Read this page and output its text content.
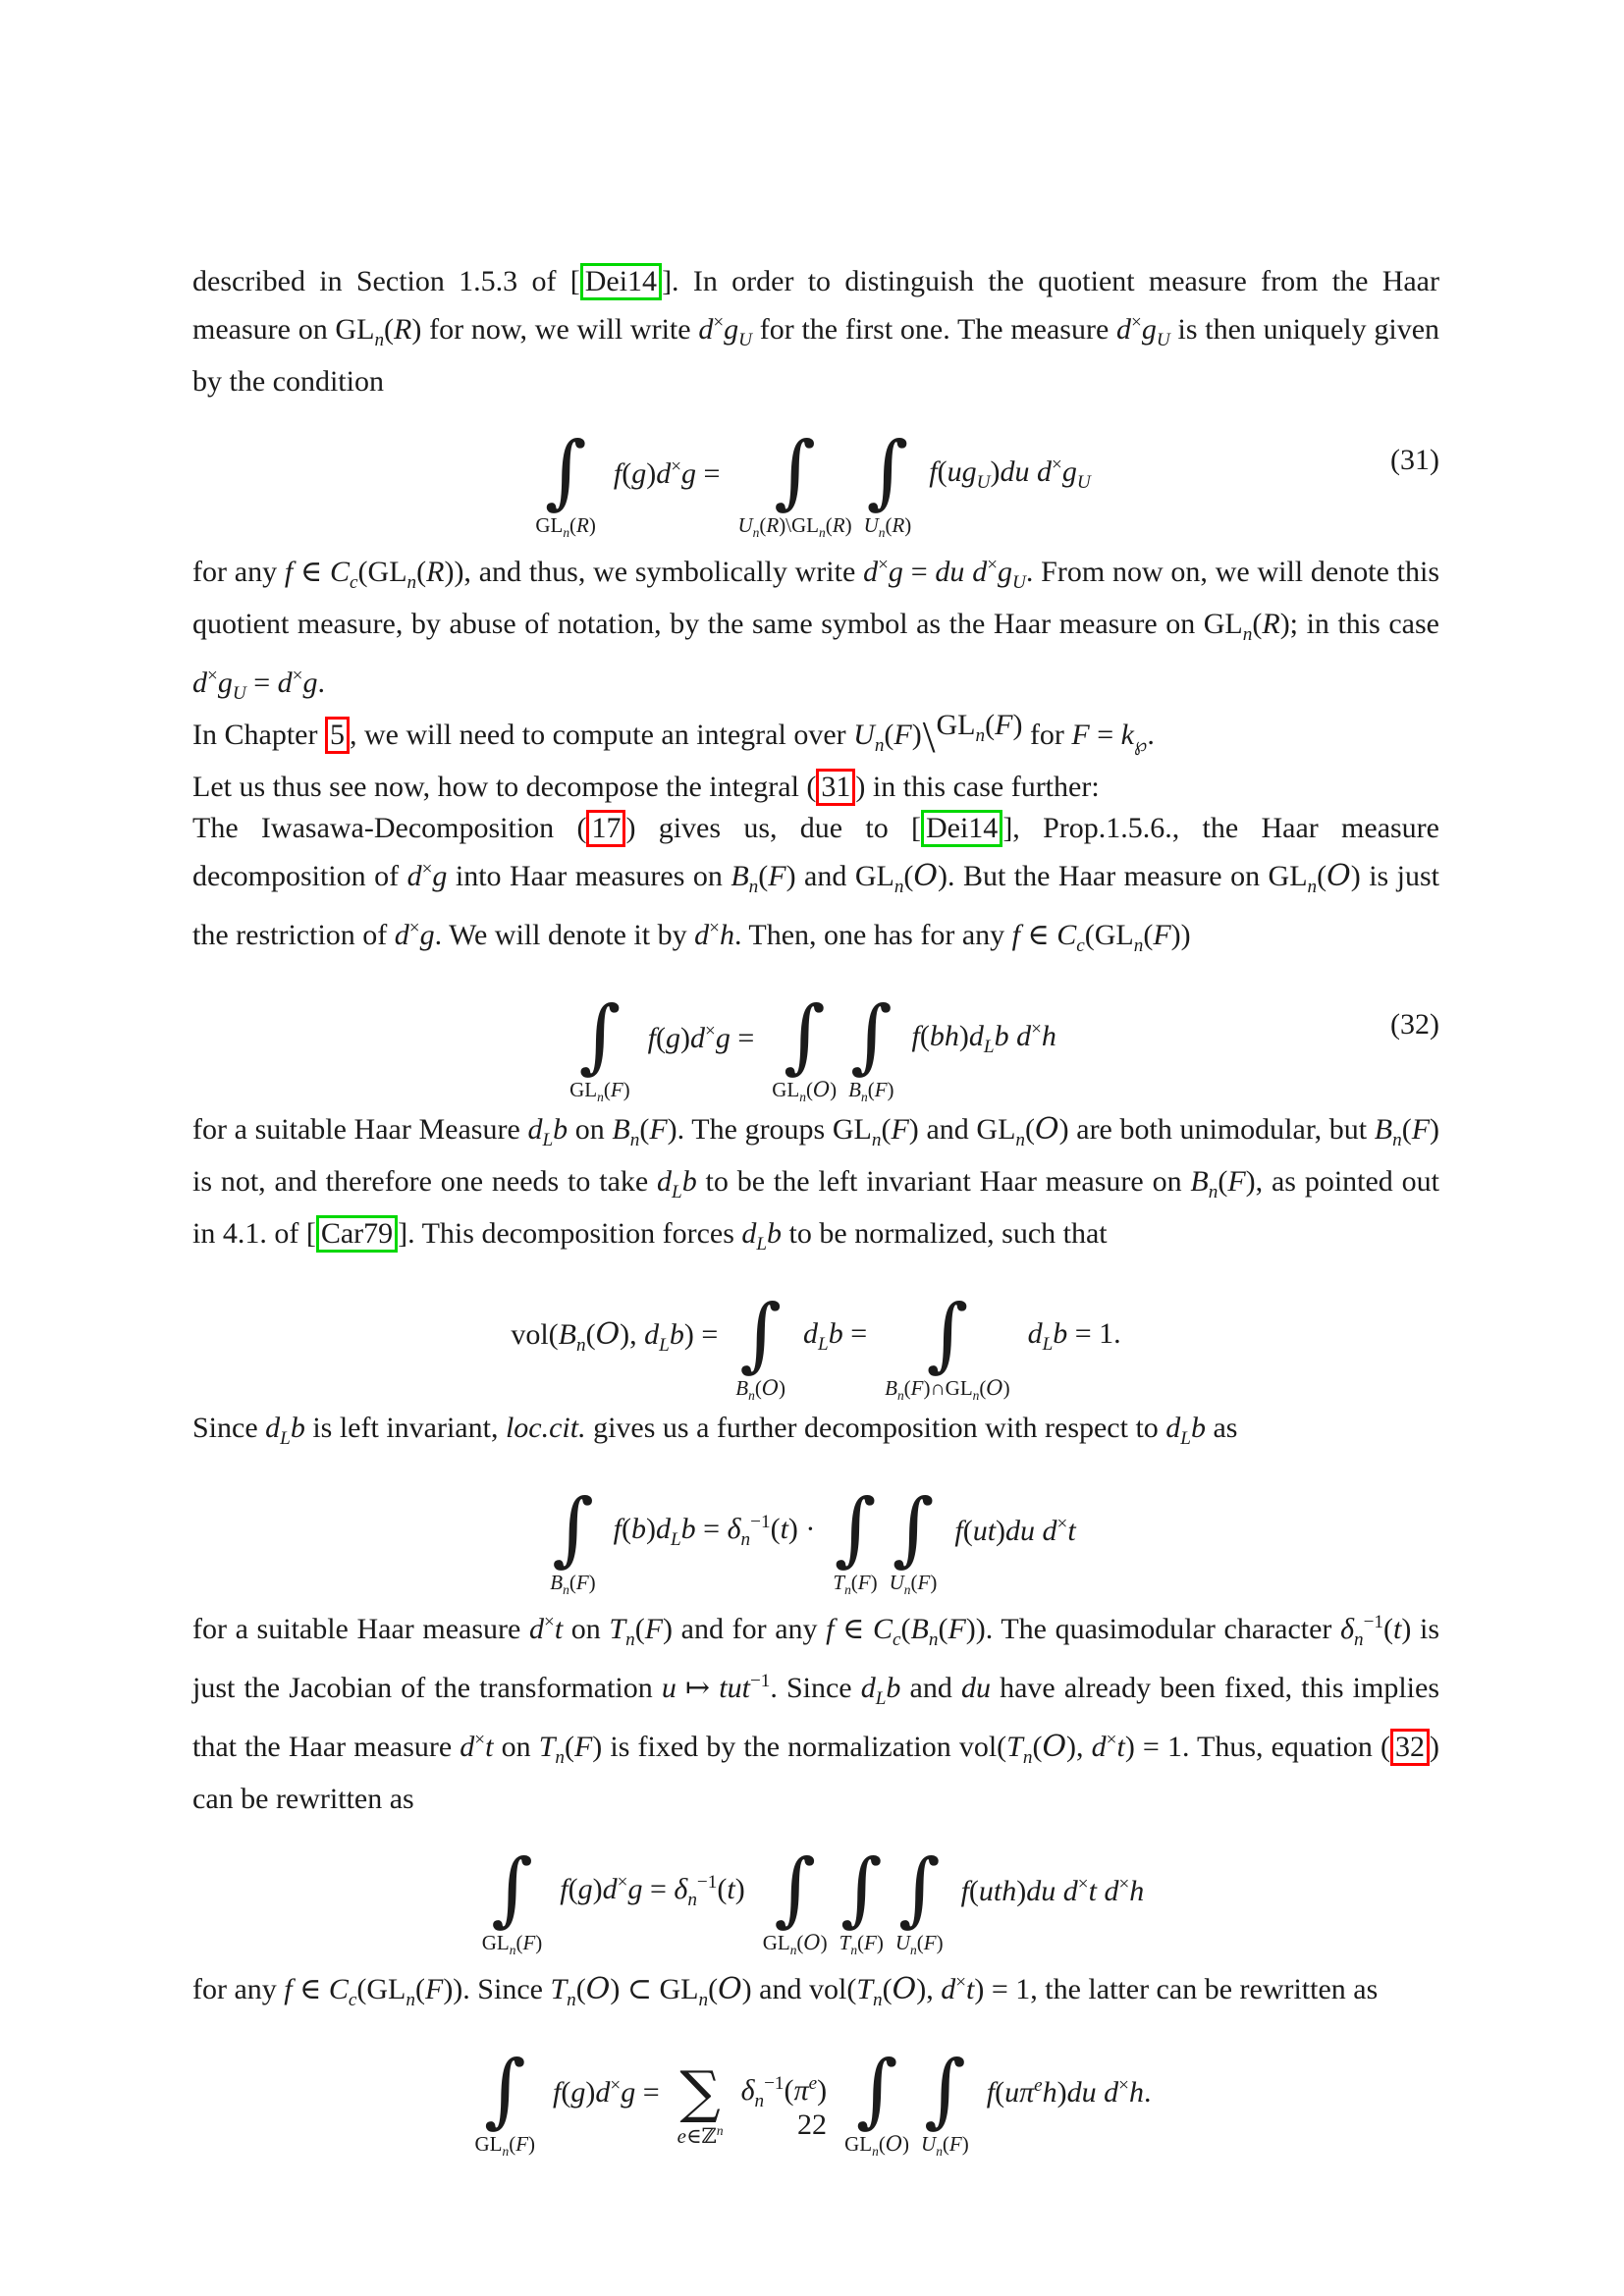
described in Section 1.5.3 of [ Dei14 ]. In order to distinguish the quotient measure from the Haar measure on $GL_n(R)$ for now, we will write $d^\times g_U$ for the first one. The measure $d^\times g_U$ is then uniquely given by the condition

∫
$GL_n(R)$
f(g)d×g = ∫
$U_n(R)\backslash GL_n(R)$
∫
$U_n(R)$
$f(ug_U)du$ $d^\times g_U$
(31)

for any f ∈ $C_c(GL_n(R))$, and thus, we symbolically write d×g = du $d^\times g_U$. From now on, we will denote this quotient measure, by abuse of notation, by the same symbol as the Haar measure on $GL_n(R)$; in this case $d^\times g_U = d^\times g$.

In Chapter 5 , we will need to compute an integral over $U_n(F)\backslash GL_n(F)$ for $F = k_℘$.
Let us thus see now, how to decompose the integral ( 31 ) in this case further:
The Iwasawa-Decomposition ( 17 ) gives us, due to [ Dei14 ], Prop.1.5.6., the Haar measure decomposition of d×g into Haar measures on $B_n(F)$ and $GL_n(O)$. But the Haar measure on $GL_n(O)$ is just the restriction of d×g. We will denote it by d×h. Then, one has for any f ∈ $C_c(GL_n(F))$

∫
$GL_n(F)$
f(g)d×g = ∫
$GL_n(O)$
∫
$B_n(F)$
$f(bh)d_Lb$ d×h	(32)

for a suitable Haar Measure $d_Lb$ on $B_n(F)$. The groups $GL_n(F)$ and $GL_n(O)$ are both unimodular, but $B_n(F)$ is not, and therefore one needs to take $d_Lb$ to be the left invariant Haar measure on $B_n(F)$, as pointed out in 4.1. of [ Car79 ]. This decomposition forces $d_Lb$ to be normalized, such that

$vol(B_n(O)$, $d_Lb$) = ∫
$B_n(O)$
$d_Lb$ = ∫
$B_n(F)\cap GL_n(O)$
$d_Lb = 1$.

Since $d_Lb$ is left invariant, loc.cit. gives us a further decomposition with respect to $d_Lb$ as

∫
$B_n(F)$
$f(b)d_Lb = \delta_n^{-1}(t)$ · ∫
$T_n(F)$
∫
$U_n(F)$
f(ut)du d×t

for a suitable Haar measure d×t on $T_n(F)$ and for any f ∈ $C_c(B_n(F))$. The quasimodular character $\delta_n^{-1}(t)$ is just the Jacobian of the transformation u ↦ tut$^{-1}$. Since $d_Lb$ and du have already been fixed, this implies that the Haar measure d×t on $T_n(F)$ is fixed by the normalization $vol(T_n(O)$, d×t) = 1. Thus, equation ( 32 ) can be rewritten as

∫
$GL_n(F)$
$f(g)d^\times g = \delta_n^{-1}(t)$ ∫
$GL_n(O)$
∫
$T_n(F)$
∫
$U_n(F)$
f(uth)du d×t d×h

for any f ∈ $C_c(GL_n(F))$. Since $T_n(O)$ ⊂ $GL_n(O)$ and $vol(T_n(O)$, d×t) = 1, the latter can be rewritten as

∫
$GL_n(F)$
f(g)d×g = ∑
e∈ℤ$^n$
$\delta_n^{-1}(\pi^e)$ ∫
$GL_n(O)$
∫
$U_n(F)$
$f(u\pi^eh)du$ d×h.
22
